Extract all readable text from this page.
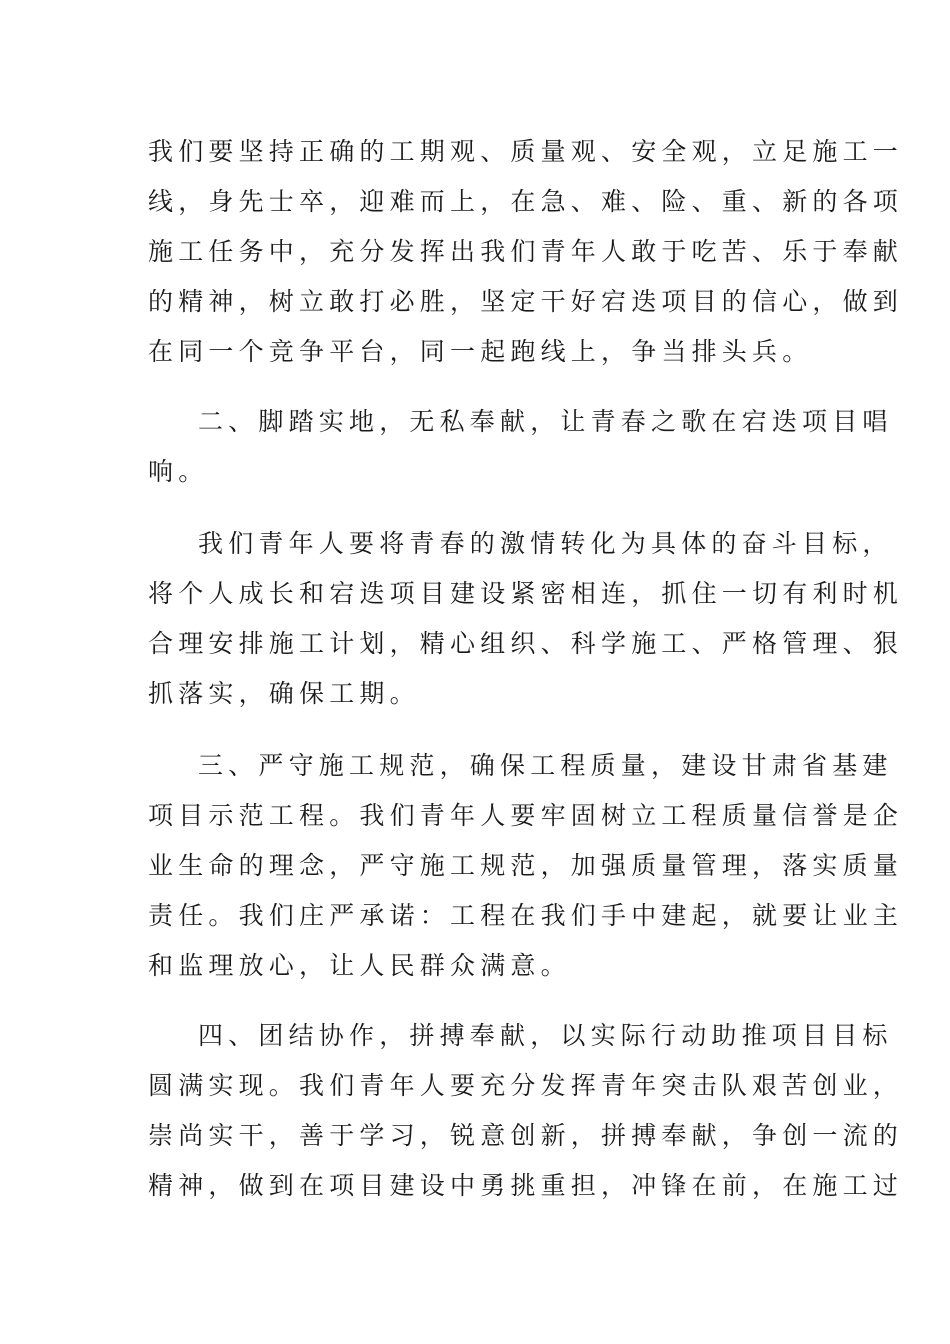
我们要坚持正确的工期观、质量观、安全观，立足施工一
线，身先士卒，迎难而上，在急、难、险、重、新的各项
施工任务中，充分发挥出我们青年人敢于吃苦、乐于奉献
的精神，树立敢打必胜，坚定干好宕迭项目的信心，做到
在同一个竞争平台，同一起跑线上，争当排头兵。
二、脚踏实地，无私奉献，让青春之歌在宕迭项目唱
响。
我们青年人要将青春的激情转化为具体的奋斗目标，
将个人成长和宕迭项目建设紧密相连，抓住一切有利时机
合理安排施工计划，精心组织、科学施工、严格管理、狠
抓落实，确保工期。
三、严守施工规范，确保工程质量，建设甘肃省基建
项目示范工程。我们青年人要牢固树立工程质量信誉是企
业生命的理念，严守施工规范，加强质量管理，落实质量
责任。我们庄严承诺：工程在我们手中建起，就要让业主
和监理放心，让人民群众满意。
四、团结协作，拼搏奉献，以实际行动助推项目目标
圆满实现。我们青年人要充分发挥青年突击队艰苦创业，
崇尚实干，善于学习，锐意创新，拼搏奉献，争创一流的
精神，做到在项目建设中勇挑重担，冲锋在前，在施工过
